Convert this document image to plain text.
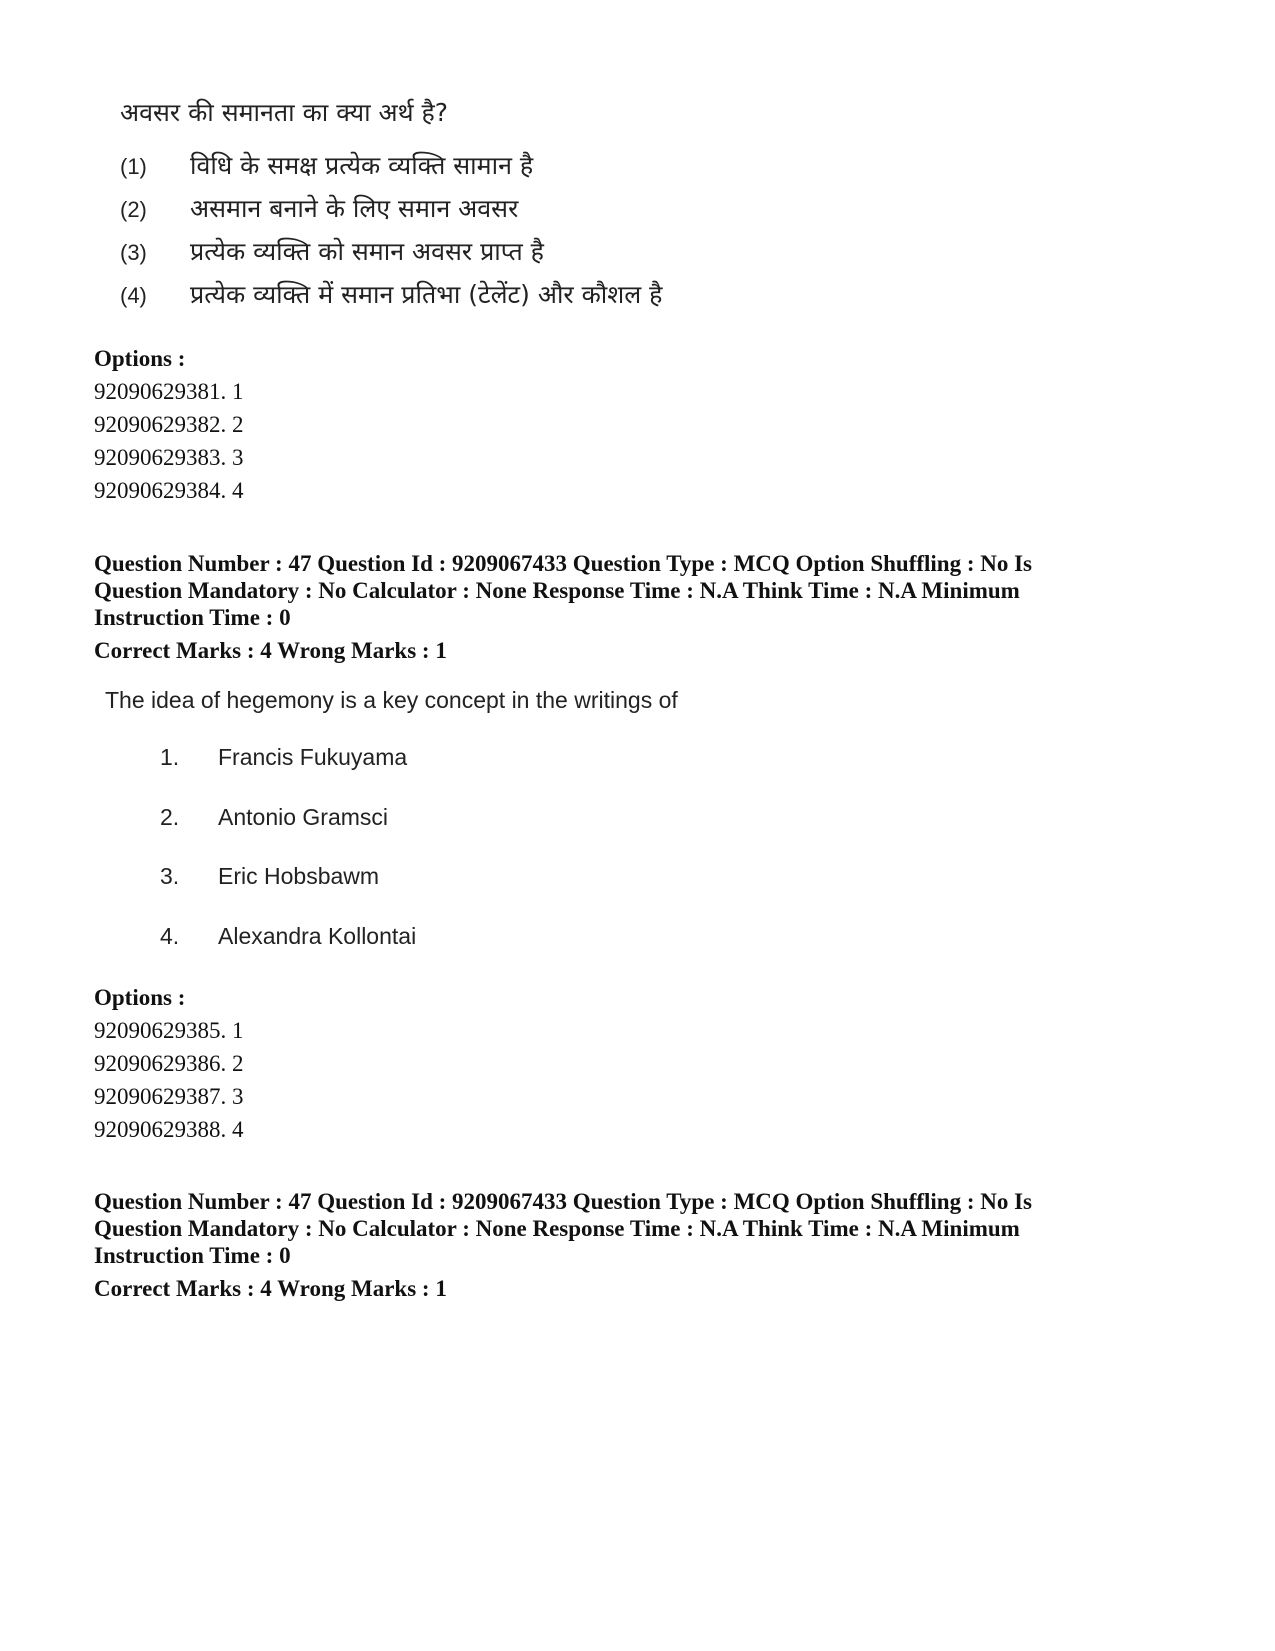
अवसर की समानता का क्या अर्थ है?

(1)	विधि के समक्ष प्रत्येक व्यक्ति सामान है
(2)	असमान बनाने के लिए समान अवसर
(3)	प्रत्येक व्यक्ति को समान अवसर प्राप्त है
(4)	प्रत्येक व्यक्ति में समान प्रतिभा (टेलेंट) और कौशल है
Options :
92090629381. 1
92090629382. 2
92090629383. 3
92090629384. 4
Question Number : 47 Question Id : 9209067433 Question Type : MCQ Option Shuffling : No Is
Question Mandatory : No Calculator : None Response Time : N.A Think Time : N.A Minimum
Instruction Time : 0
Correct Marks : 4 Wrong Marks : 1

The idea of hegemony is a key concept in the writings of

1.	Francis Fukuyama
2.	Antonio Gramsci
3.	Eric Hobsbawm
4.	Alexandra Kollontai
Options :
92090629385. 1
92090629386. 2
92090629387. 3
92090629388. 4
Question Number : 47 Question Id : 9209067433 Question Type : MCQ Option Shuffling : No Is
Question Mandatory : No Calculator : None Response Time : N.A Think Time : N.A Minimum
Instruction Time : 0
Correct Marks : 4 Wrong Marks : 1
